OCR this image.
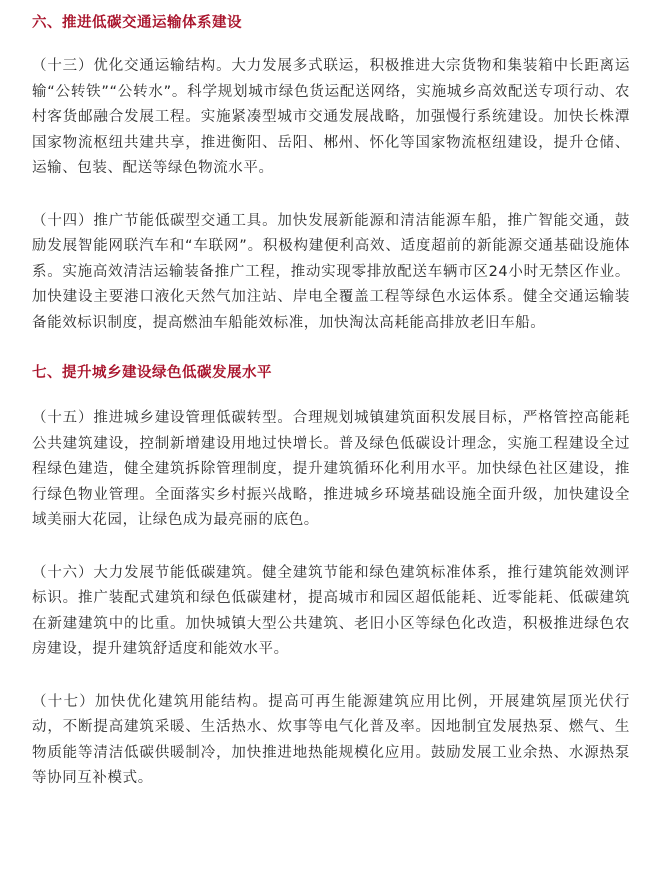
六、推进低碳交通运输体系建设

（十三）优化交通运输结构。大力发展多式联运，积极推进大宗货物和集装箱中长距离运输“公转铁”“公转水”。科学规划城市绿色货运配送网络，实施城乡高效配送专项行动、农村客货邮融合发展工程。实施紧凑型城市交通发展战略，加强慢行系统建设。加快长株潭国家物流枢纽共建共享，推进衡阳、岳阳、郴州、怀化等国家物流枢纽建设，提升仓储、运输、包装、配送等绿色物流水平。

（十四）推广节能低碳型交通工具。加快发展新能源和清洁能源车船，推广智能交通，鼓励发展智能网联汽车和“车联网”。积极构建便利高效、适度超前的新能源交通基础设施体系。实施高效清洁运输装备推广工程，推动实现零排放配送车辆市区24小时无禁区作业。加快建设主要港口液化天然气加注站、岸电全覆盖工程等绿色水运体系。健全交通运输装备能效标识制度，提高燃油车船能效标准，加快淘汰高耗能高排放老旧车船。

七、提升城乡建设绿色低碳发展水平

（十五）推进城乡建设管理低碳转型。合理规划城镇建筑面积发展目标，严格管控高能耗公共建筑建设，控制新增建设用地过快增长。普及绿色低碳设计理念，实施工程建设全过程绿色建造，健全建筑拆除管理制度，提升建筑循环化利用水平。加快绿色社区建设，推行绿色物业管理。全面落实乡村振兴战略，推进城乡环境基础设施全面升级，加快建设全域美丽大花园，让绿色成为最亮丽的底色。

（十六）大力发展节能低碳建筑。健全建筑节能和绿色建筑标准体系，推行建筑能效测评标识。推广装配式建筑和绿色低碳建材，提高城市和园区超低能耗、近零能耗、低碳建筑在新建建筑中的比重。加快城镇大型公共建筑、老旧小区等绿色化改造，积极推进绿色农房建设，提升建筑舒适度和能效水平。

（十七）加快优化建筑用能结构。提高可再生能源建筑应用比例，开展建筑屋顶光伏行动，不断提高建筑采暖、生活热水、炊事等电气化普及率。因地制宜发展热泵、燃气、生物质能等清洁低碳供暖制冷，加快推进地热能规模化应用。鼓励发展工业余热、水源热泵等协同互补模式。
